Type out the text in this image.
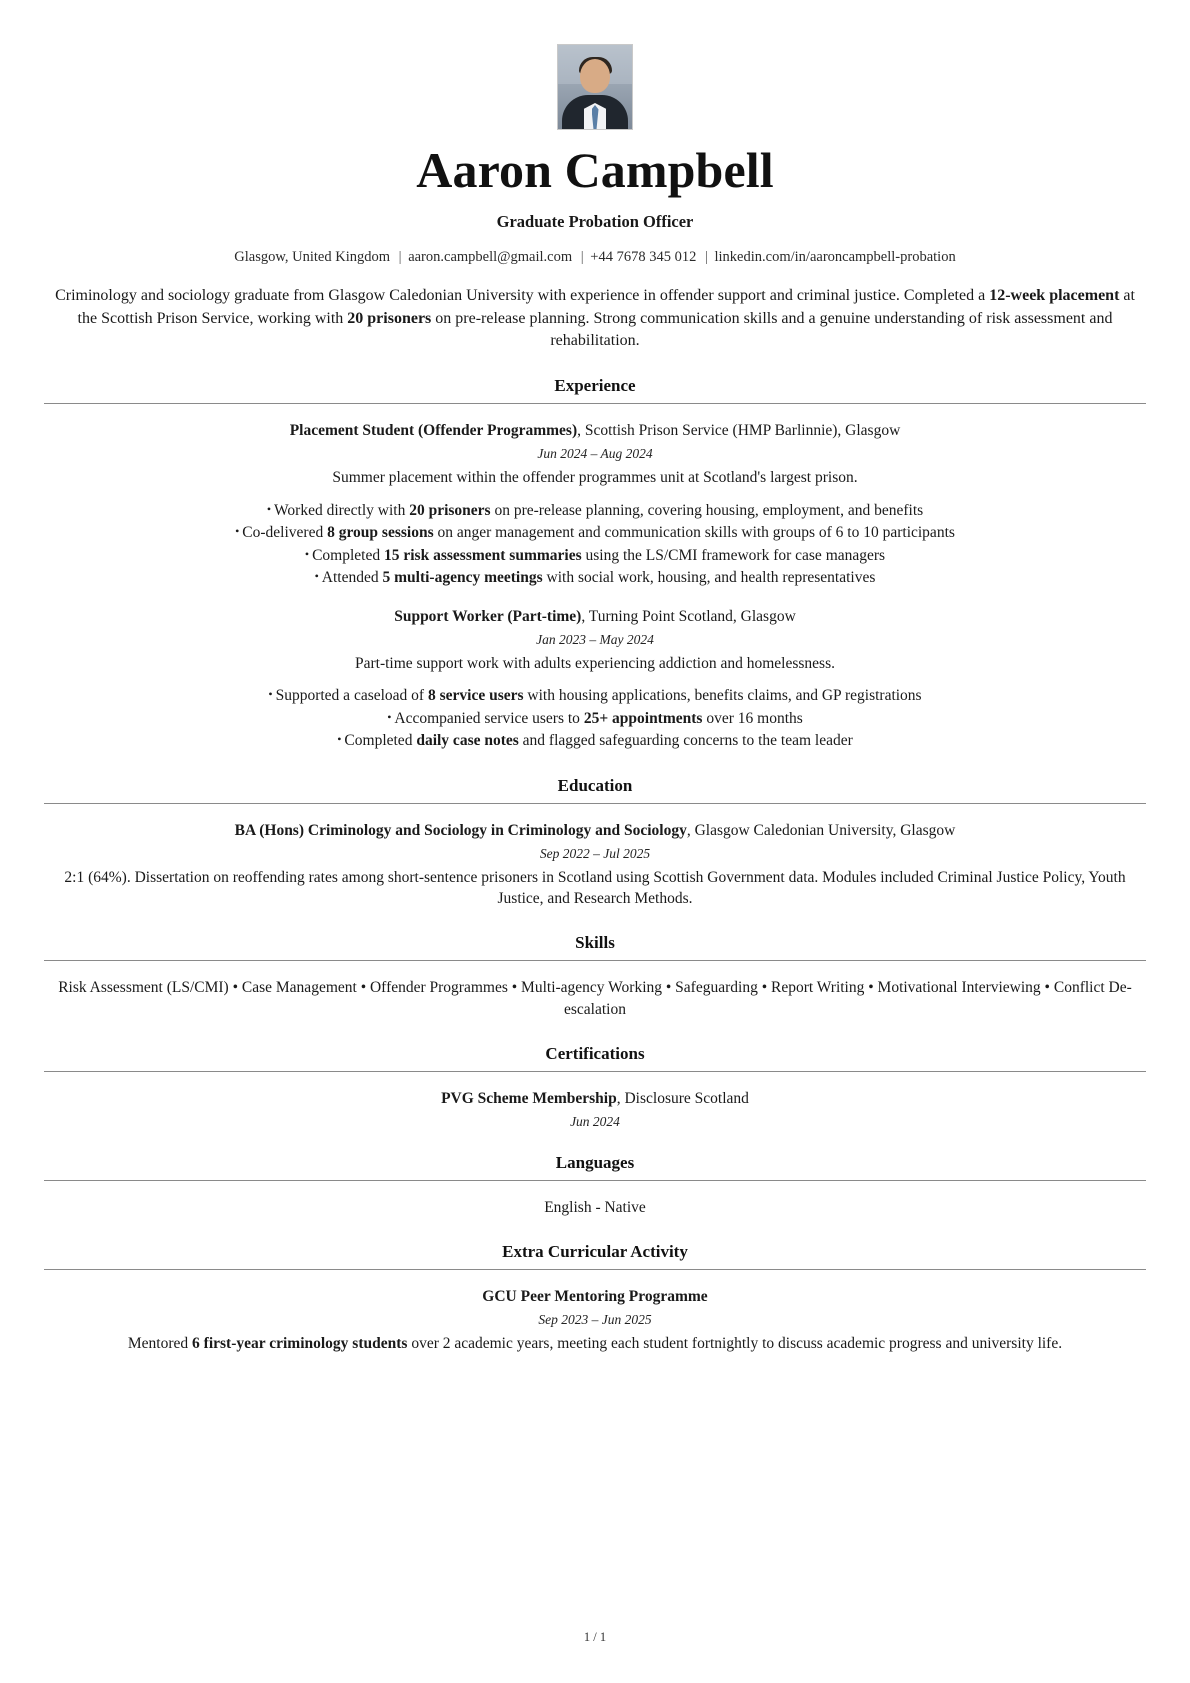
Aaron Campbell
Graduate Probation Officer
Glasgow, United Kingdom | aaron.campbell@gmail.com | +44 7678 345 012 | linkedin.com/in/aaroncampbell-probation
Criminology and sociology graduate from Glasgow Caledonian University with experience in offender support and criminal justice. Completed a 12-week placement at the Scottish Prison Service, working with 20 prisoners on pre-release planning. Strong communication skills and a genuine understanding of risk assessment and rehabilitation.
Experience
Placement Student (Offender Programmes), Scottish Prison Service (HMP Barlinnie), Glasgow
Jun 2024 – Aug 2024
Summer placement within the offender programmes unit at Scotland's largest prison.
• Worked directly with 20 prisoners on pre-release planning, covering housing, employment, and benefits
• Co-delivered 8 group sessions on anger management and communication skills with groups of 6 to 10 participants
• Completed 15 risk assessment summaries using the LS/CMI framework for case managers
• Attended 5 multi-agency meetings with social work, housing, and health representatives
Support Worker (Part-time), Turning Point Scotland, Glasgow
Jan 2023 – May 2024
Part-time support work with adults experiencing addiction and homelessness.
• Supported a caseload of 8 service users with housing applications, benefits claims, and GP registrations
• Accompanied service users to 25+ appointments over 16 months
• Completed daily case notes and flagged safeguarding concerns to the team leader
Education
BA (Hons) Criminology and Sociology in Criminology and Sociology, Glasgow Caledonian University, Glasgow
Sep 2022 – Jul 2025
2:1 (64%). Dissertation on reoffending rates among short-sentence prisoners in Scotland using Scottish Government data. Modules included Criminal Justice Policy, Youth Justice, and Research Methods.
Skills
Risk Assessment (LS/CMI) • Case Management • Offender Programmes • Multi-agency Working • Safeguarding • Report Writing • Motivational Interviewing • Conflict De-escalation
Certifications
PVG Scheme Membership, Disclosure Scotland
Jun 2024
Languages
English - Native
Extra Curricular Activity
GCU Peer Mentoring Programme
Sep 2023 – Jun 2025
Mentored 6 first-year criminology students over 2 academic years, meeting each student fortnightly to discuss academic progress and university life.
1 / 1
